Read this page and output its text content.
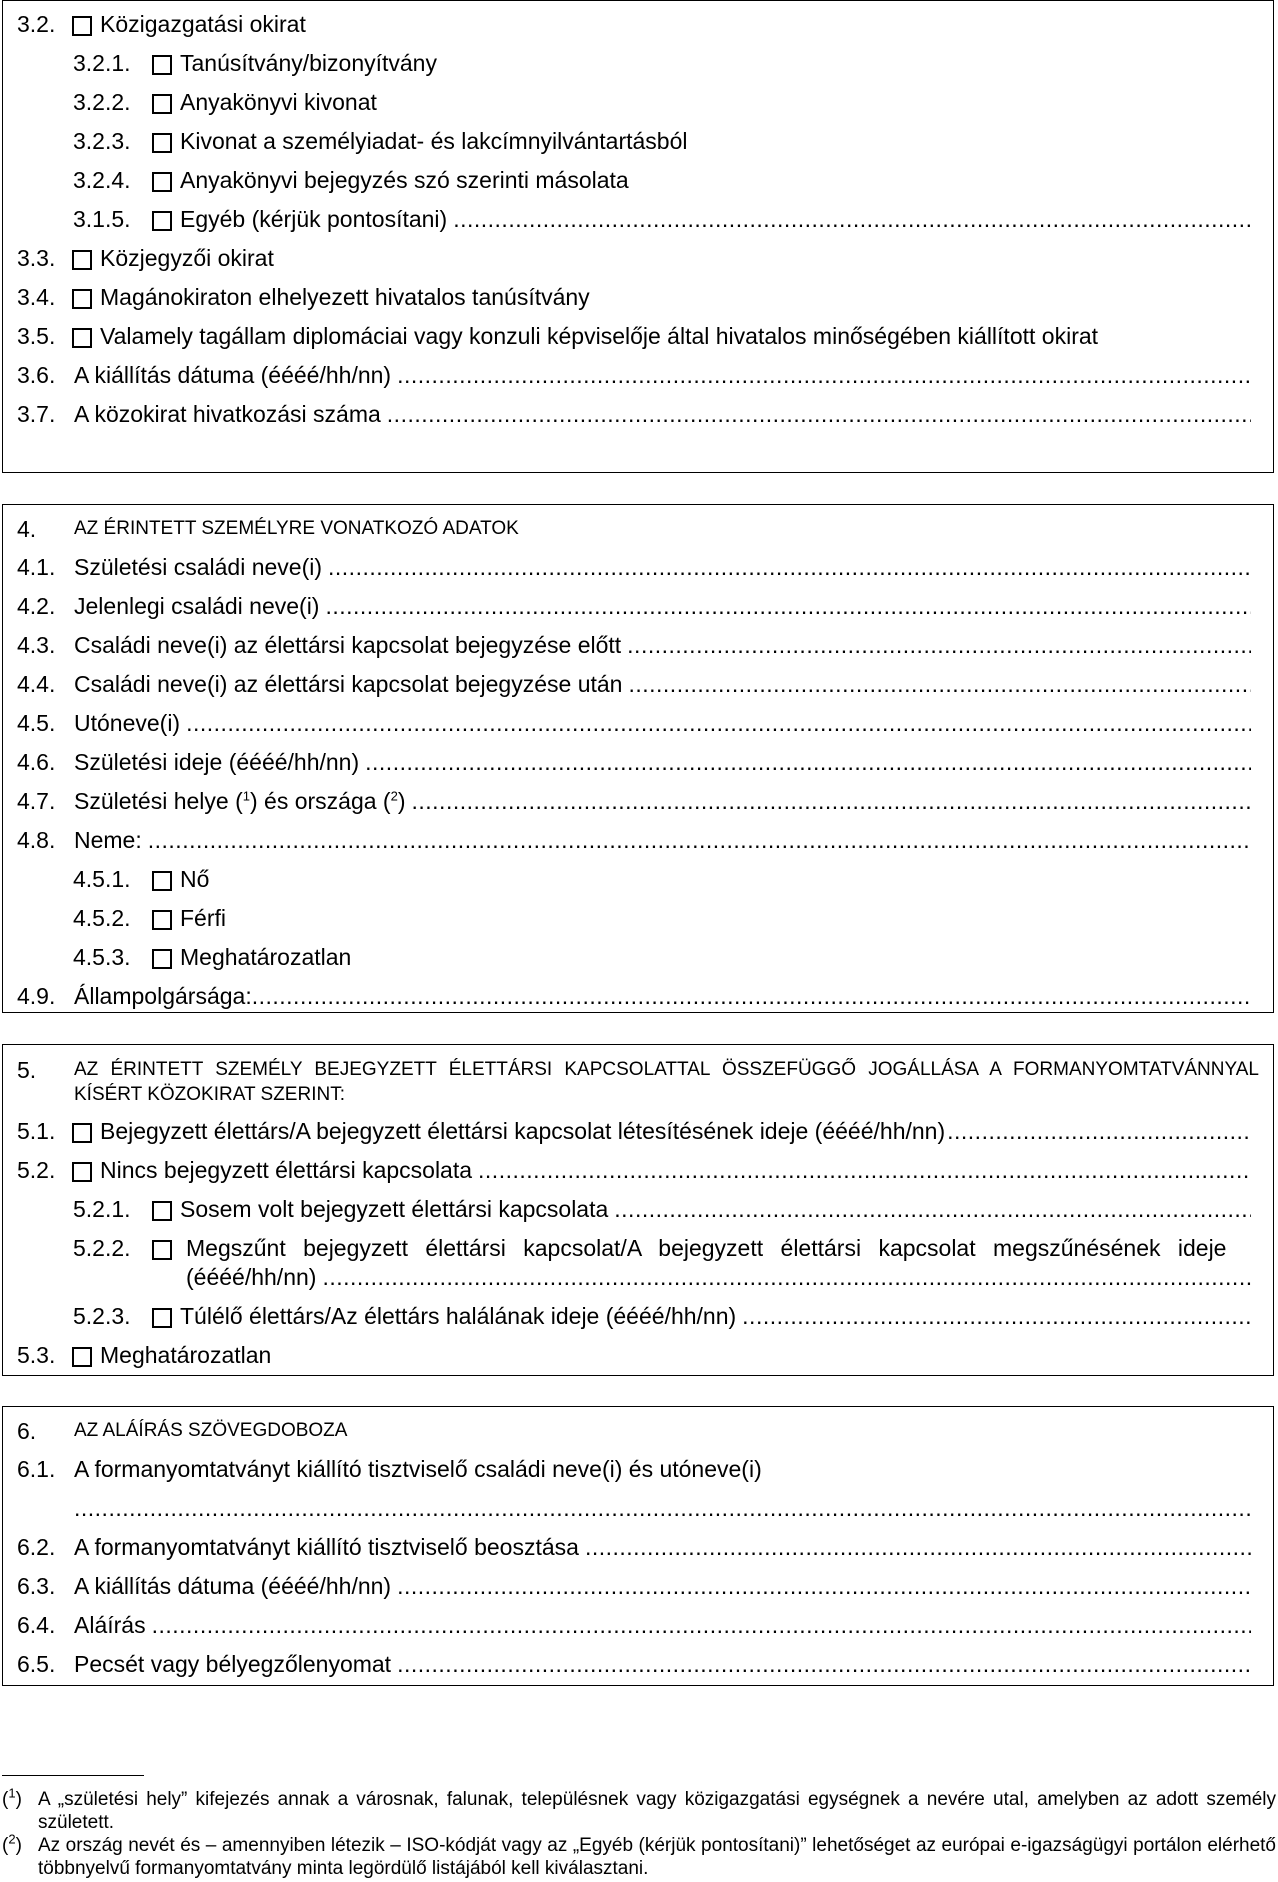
3.2.	Közigazgatási okirat
3.2.1.	Tanúsítvány/bizonyítvány
3.2.2.	Anyakönyvi kivonat
3.2.3.	Kivonat a személyiadat- és lakcímnyilvántartásból
3.2.4.	Anyakönyvi bejegyzés szó szerinti másolata
3.1.5.	Egyéb (kérjük pontosítani)
.....
3.3.	Közjegyzői okirat
3.4.	Magánokiraton elhelyezett hivatalos tanúsítvány
3.5.	Valamely tagállam diplomáciai vagy konzuli képviselője által hivatalos minőségében kiállított okirat
3.6. A kiállítás dátuma (éééé/hh/nn)
.....
3.7. A közokirat hivatkozási száma
.....
4.	AZ ÉRINTETT SZEMÉLYRE VONATKOZÓ ADATOK
4.1. Születési családi neve(i)
.....
4.2. Jelenlegi családi neve(i)
.....
4.3. Családi neve(i) az élettársi kapcsolat bejegyzése előtt
.....
4.4. Családi neve(i) az élettársi kapcsolat bejegyzése után
.....
4.5. Utóneve(i)
.....
4.6. Születési ideje (éééé/hh/nn)
.....
4.7. Születési helye ($^1$) és országa ($^2$)
.....
4.8. Neme:
.....
4.5.1.	Nő
4.5.2.	Férfi
4.5.3.	Meghatározatlan
4.9. Állampolgársága:
.....
5.	AZ ÉRINTETT SZEMÉLY BEJEGYZETT ÉLETTÁRSI KAPCSOLATTAL ÖSSZEFÜGGŐ JOGÁLLÁSA A FORMANYOMTATVÁNNYAL KÍSÉRT KÖZOKIRAT SZERINT:
5.1.	Bejegyzett élettárs/A bejegyzett élettársi kapcsolat létesítésének ideje (éééé/hh/nn)
.....
5.2.	Nincs bejegyzett élettársi kapcsolata
.....
5.2.1.	Sosem volt bejegyzett élettársi kapcsolata
.....
5.2.2.	Megszűnt bejegyzett élettársi kapcsolat/A bejegyzett élettársi kapcsolat megszűnésének ideje
(éééé/hh/nn)
.....
5.2.3.	Túlélő élettárs/Az élettárs halálának ideje (éééé/hh/nn)
.....
5.3.	Meghatározatlan
6.	AZ ALÁÍRÁS SZÖVEGDOBOZA
6.1. A formanyomtatványt kiállító tisztviselő családi neve(i) és utóneve(i)
.....
6.2. A formanyomtatványt kiállító tisztviselő beosztása
.....
6.3. A kiállítás dátuma (éééé/hh/nn)
.....
6.4. Aláírás
.....
6.5. Pecsét vagy bélyegzőlenyomat
.....
($^1$) A „születési hely” kifejezés annak a városnak, falunak, településnek vagy közigazgatási egységnek a nevére utal, amelyben az adott személy született.
($^2$) Az ország nevét és – amennyiben létezik – ISO-kódját vagy az „Egyéb (kérjük pontosítani)” lehetőséget az európai e-igazságügyi portálon elérhető többnyelvű formanyomtatvány minta legördülő listájából kell kiválasztani.
